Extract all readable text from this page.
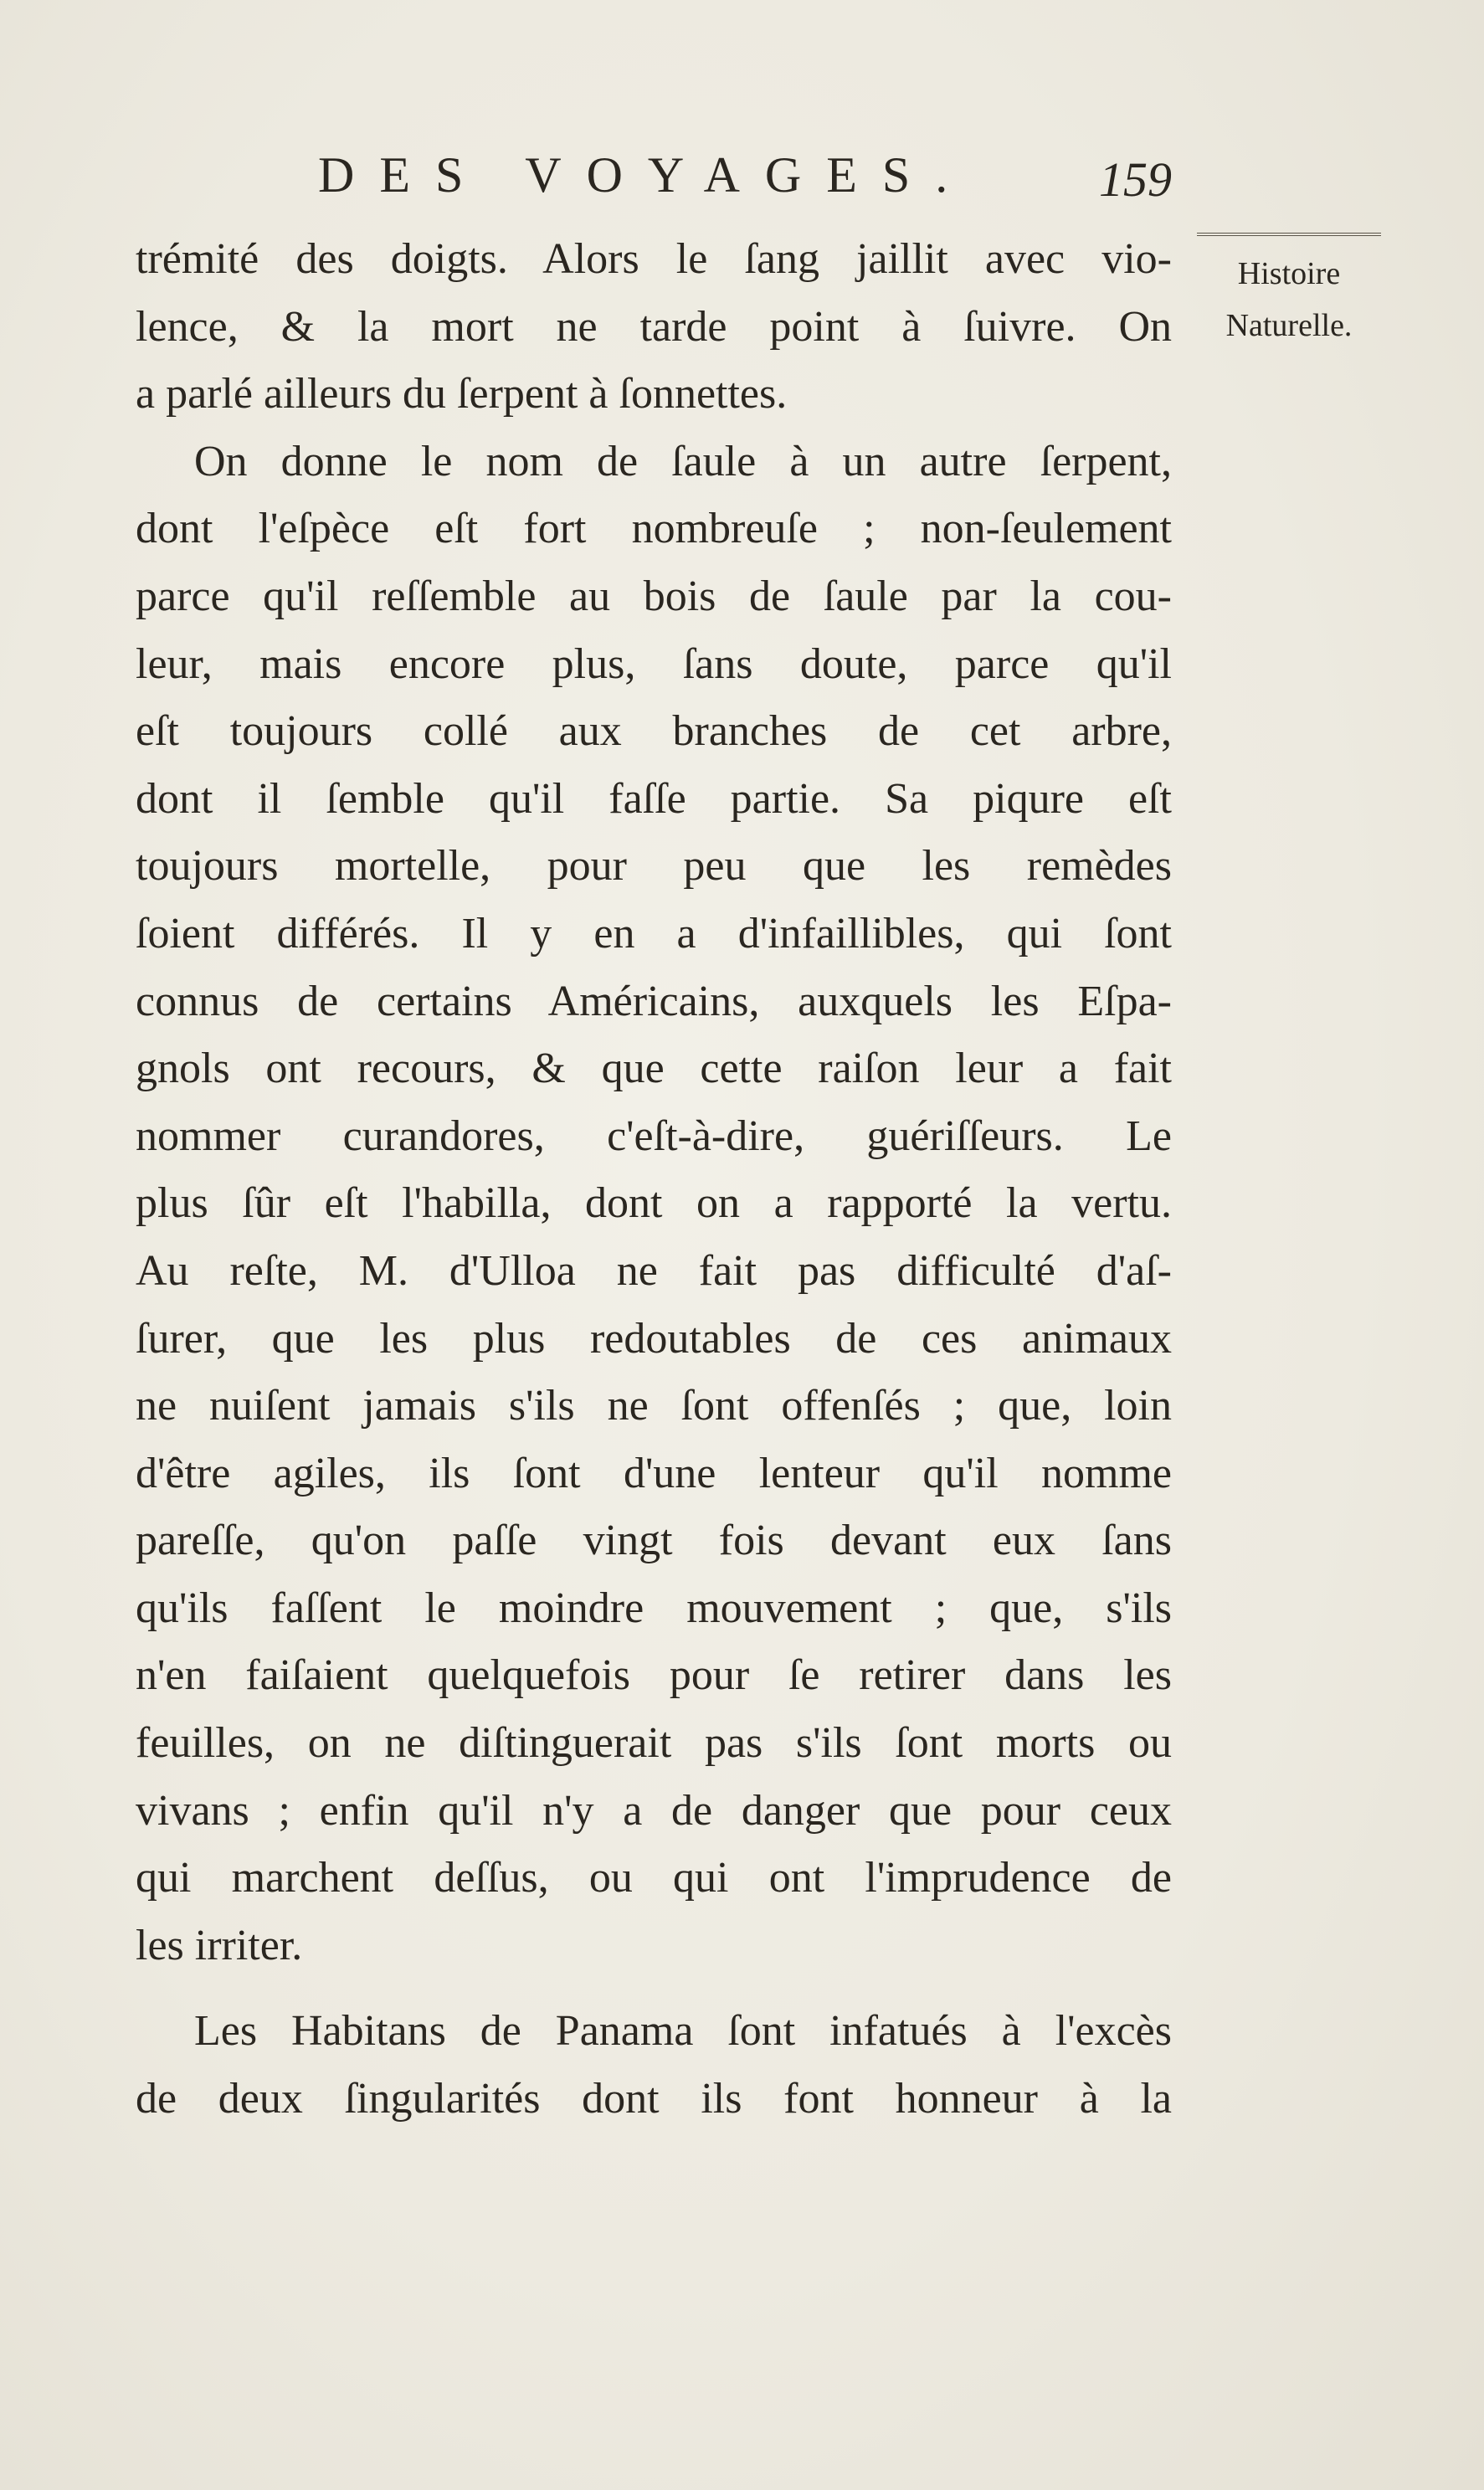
DES VOYAGES.	159
Histoire
Naturelle.
trémité des doigts. Alors le ſang jaillit avec vio-
lence, & la mort ne tarde point à ſuivre. On
a parlé ailleurs du ſerpent à ſonnettes.
On donne le nom de ſaule à un autre ſerpent,
dont l'eſpèce eſt fort nombreuſe ; non-ſeulement
parce qu'il reſſemble au bois de ſaule par la cou-
leur, mais encore plus, ſans doute, parce qu'il
eſt toujours collé aux branches de cet arbre,
dont il ſemble qu'il faſſe partie. Sa piqure eſt
toujours mortelle, pour peu que les remèdes
ſoient différés. Il y en a d'infaillibles, qui ſont
connus de certains Américains, auxquels les Eſpa-
gnols ont recours, & que cette raiſon leur a fait
nommer curandores, c'eſt-à-dire, guériſſeurs. Le
plus ſûr eſt l'habilla, dont on a rapporté la vertu.
Au reſte, M. d'Ulloa ne fait pas difficulté d'aſ-
ſurer, que les plus redoutables de ces animaux
ne nuiſent jamais s'ils ne ſont offenſés ; que, loin
d'être agiles, ils ſont d'une lenteur qu'il nomme
pareſſe, qu'on paſſe vingt fois devant eux ſans
qu'ils faſſent le moindre mouvement ; que, s'ils
n'en faiſaient quelquefois pour ſe retirer dans les
feuilles, on ne diſtinguerait pas s'ils ſont morts ou
vivans ; enfin qu'il n'y a de danger que pour ceux
qui marchent deſſus, ou qui ont l'imprudence de
les irriter.
Les Habitans de Panama ſont infatués à l'excès
de deux ſingularités dont ils font honneur à la
